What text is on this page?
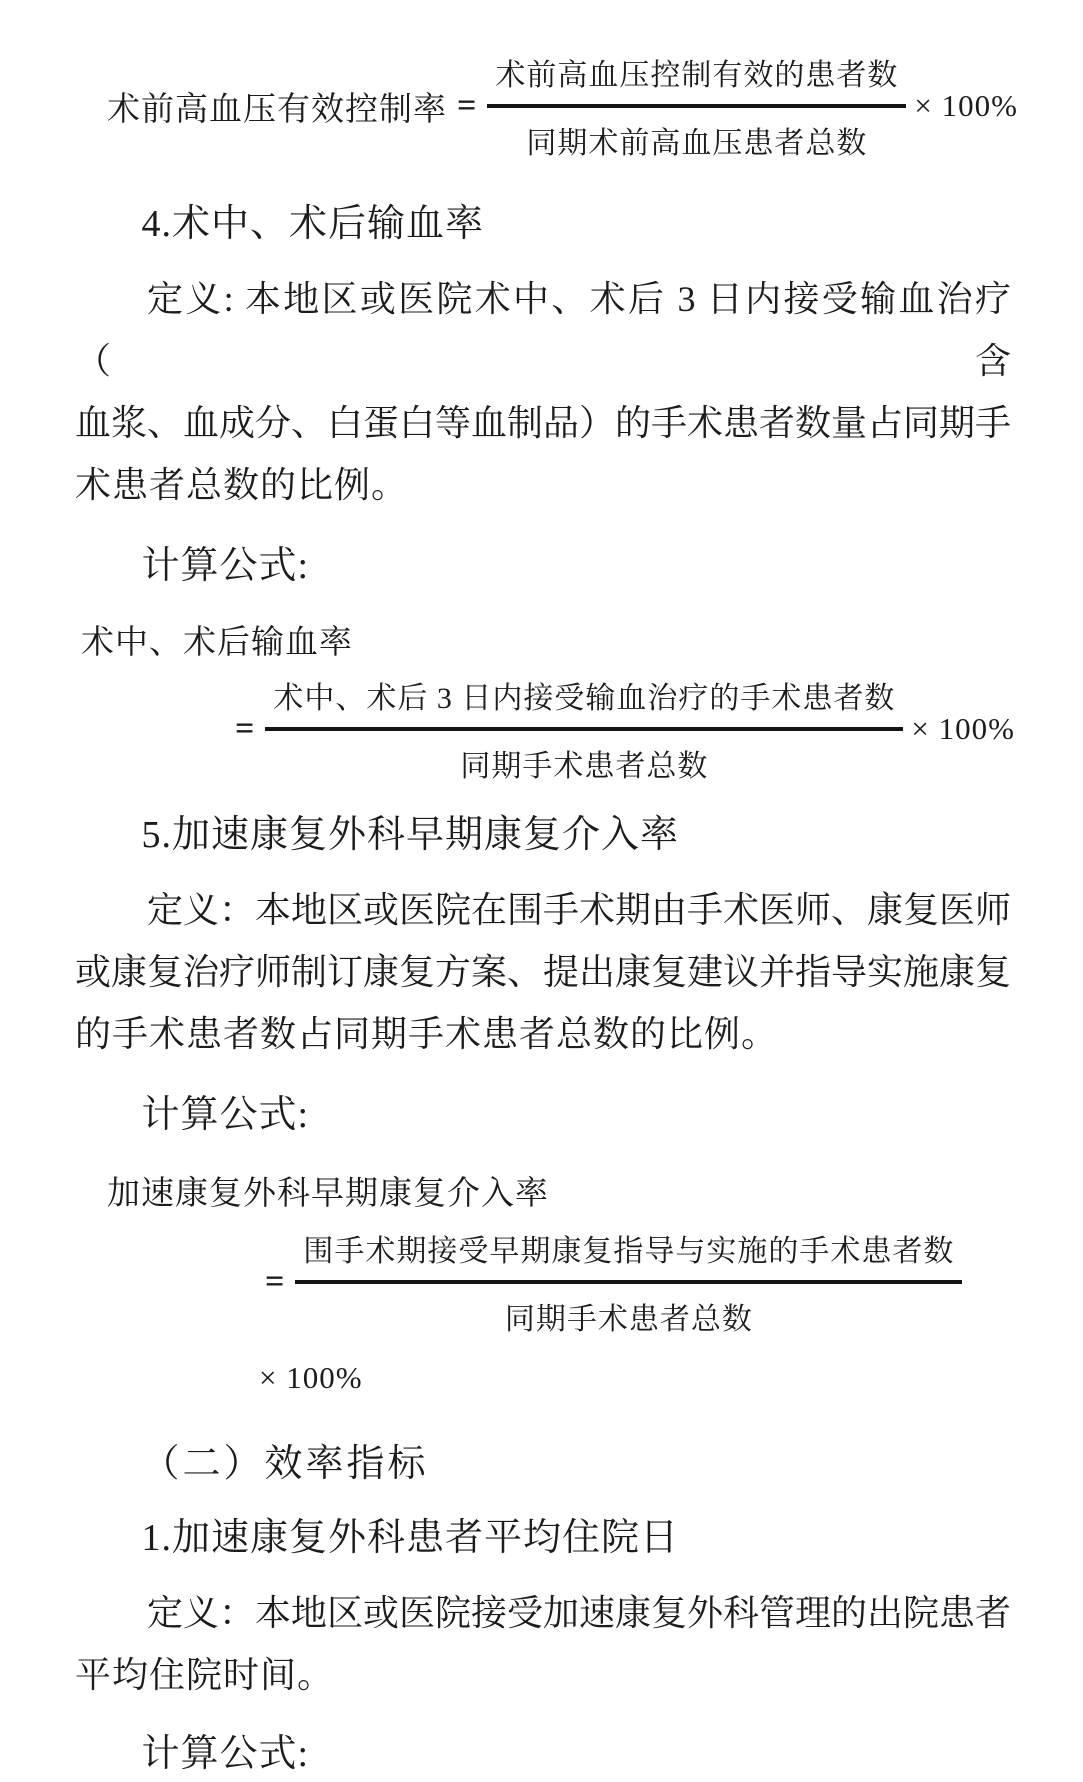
术前高血压有效控制率 = $\frac{\text{术前高血压控制有效的患者数}}{\text{同期术前高血压患者总数}} \times 100\%$
4.术中、术后输血率
定义: 本地区或医院术中、术后 3 日内接受输血治疗（含
血浆、血成分、白蛋白等血制品）的手术患者数量占同期手
术患者总数的比例。
计算公式:
术中、术后输血率
= $\frac{\text{术中、术后 3 日内接受输血治疗的手术患者数}}{\text{同期手术患者总数}} \times 100\%$
5.加速康复外科早期康复介入率
定义：本地区或医院在围手术期由手术医师、康复医师
或康复治疗师制订康复方案、提出康复建议并指导实施康复
的手术患者数占同期手术患者总数的比例。
计算公式:
加速康复外科早期康复介入率
= $\frac{\text{围手术期接受早期康复指导与实施的手术患者数}}{\text{同期手术患者总数}}$
× 100%
（二）效率指标
1.加速康复外科患者平均住院日
定义：本地区或医院接受加速康复外科管理的出院患者
平均住院时间。
计算公式:
